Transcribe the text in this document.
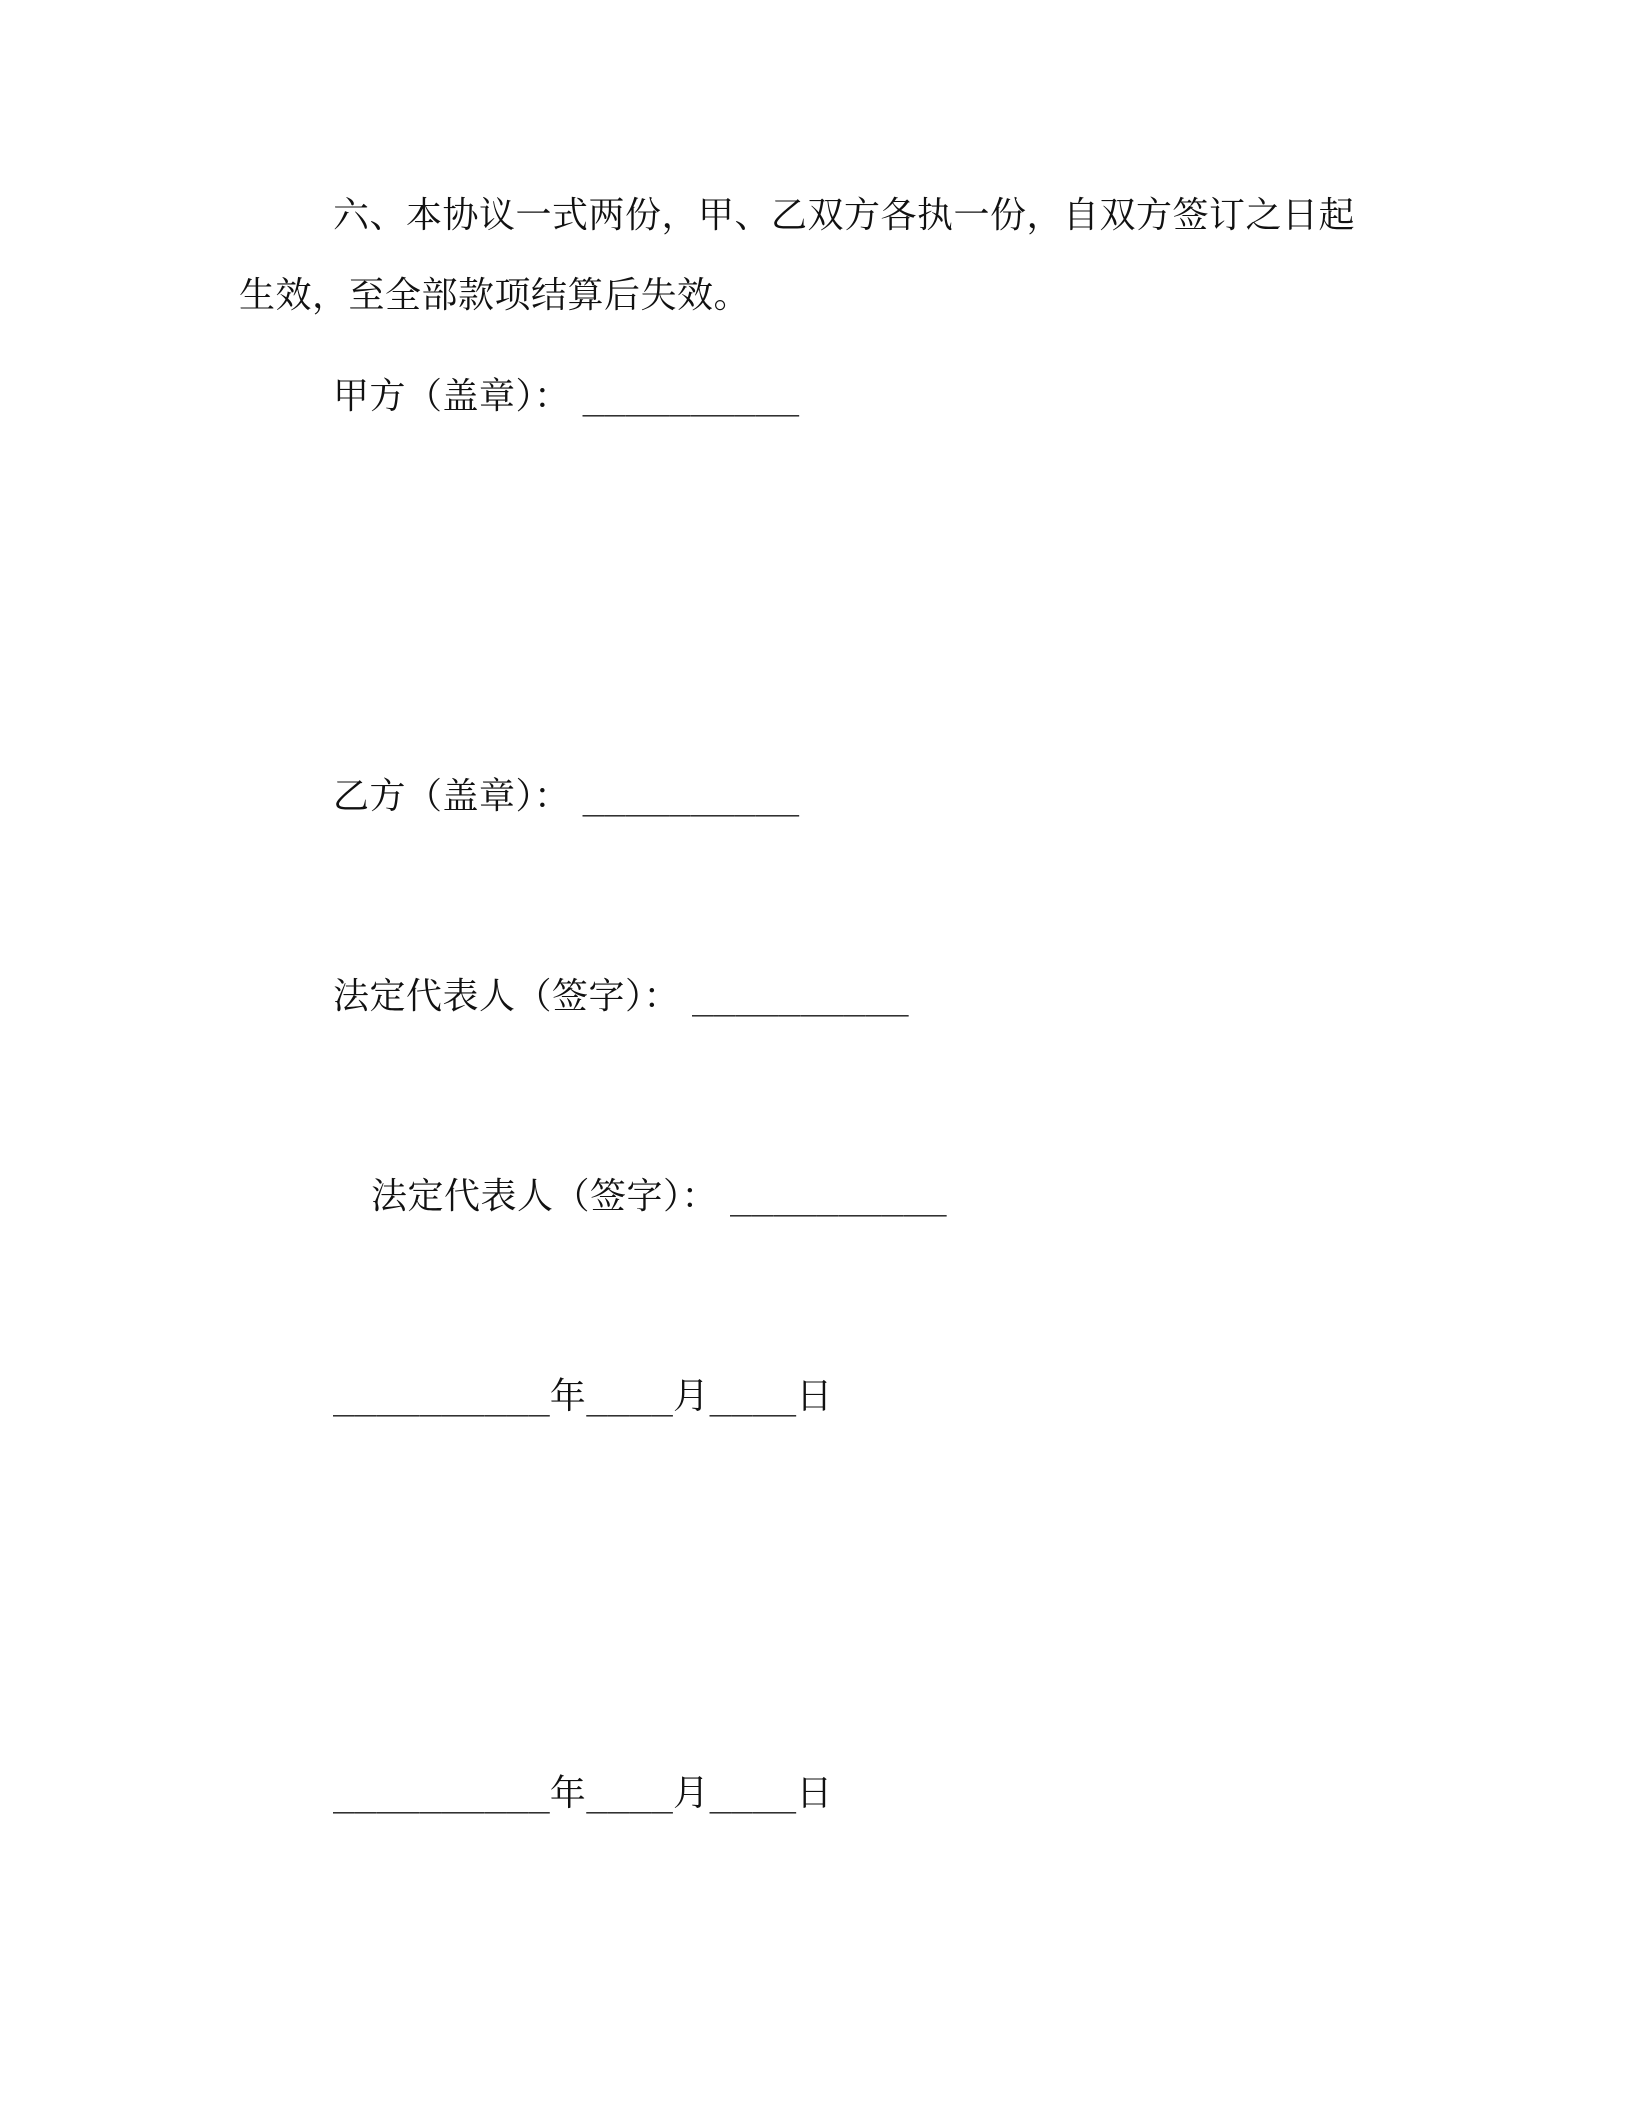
六、本协议一式两份，甲、乙双方各执一份，自双方签订之日起

生效，至全部款项结算后失效。

甲方（盖章）： __________

乙方（盖章）： __________

法定代表人（签字）： __________

法定代表人（签字）： __________

__________年____月____日

__________年____月____日
